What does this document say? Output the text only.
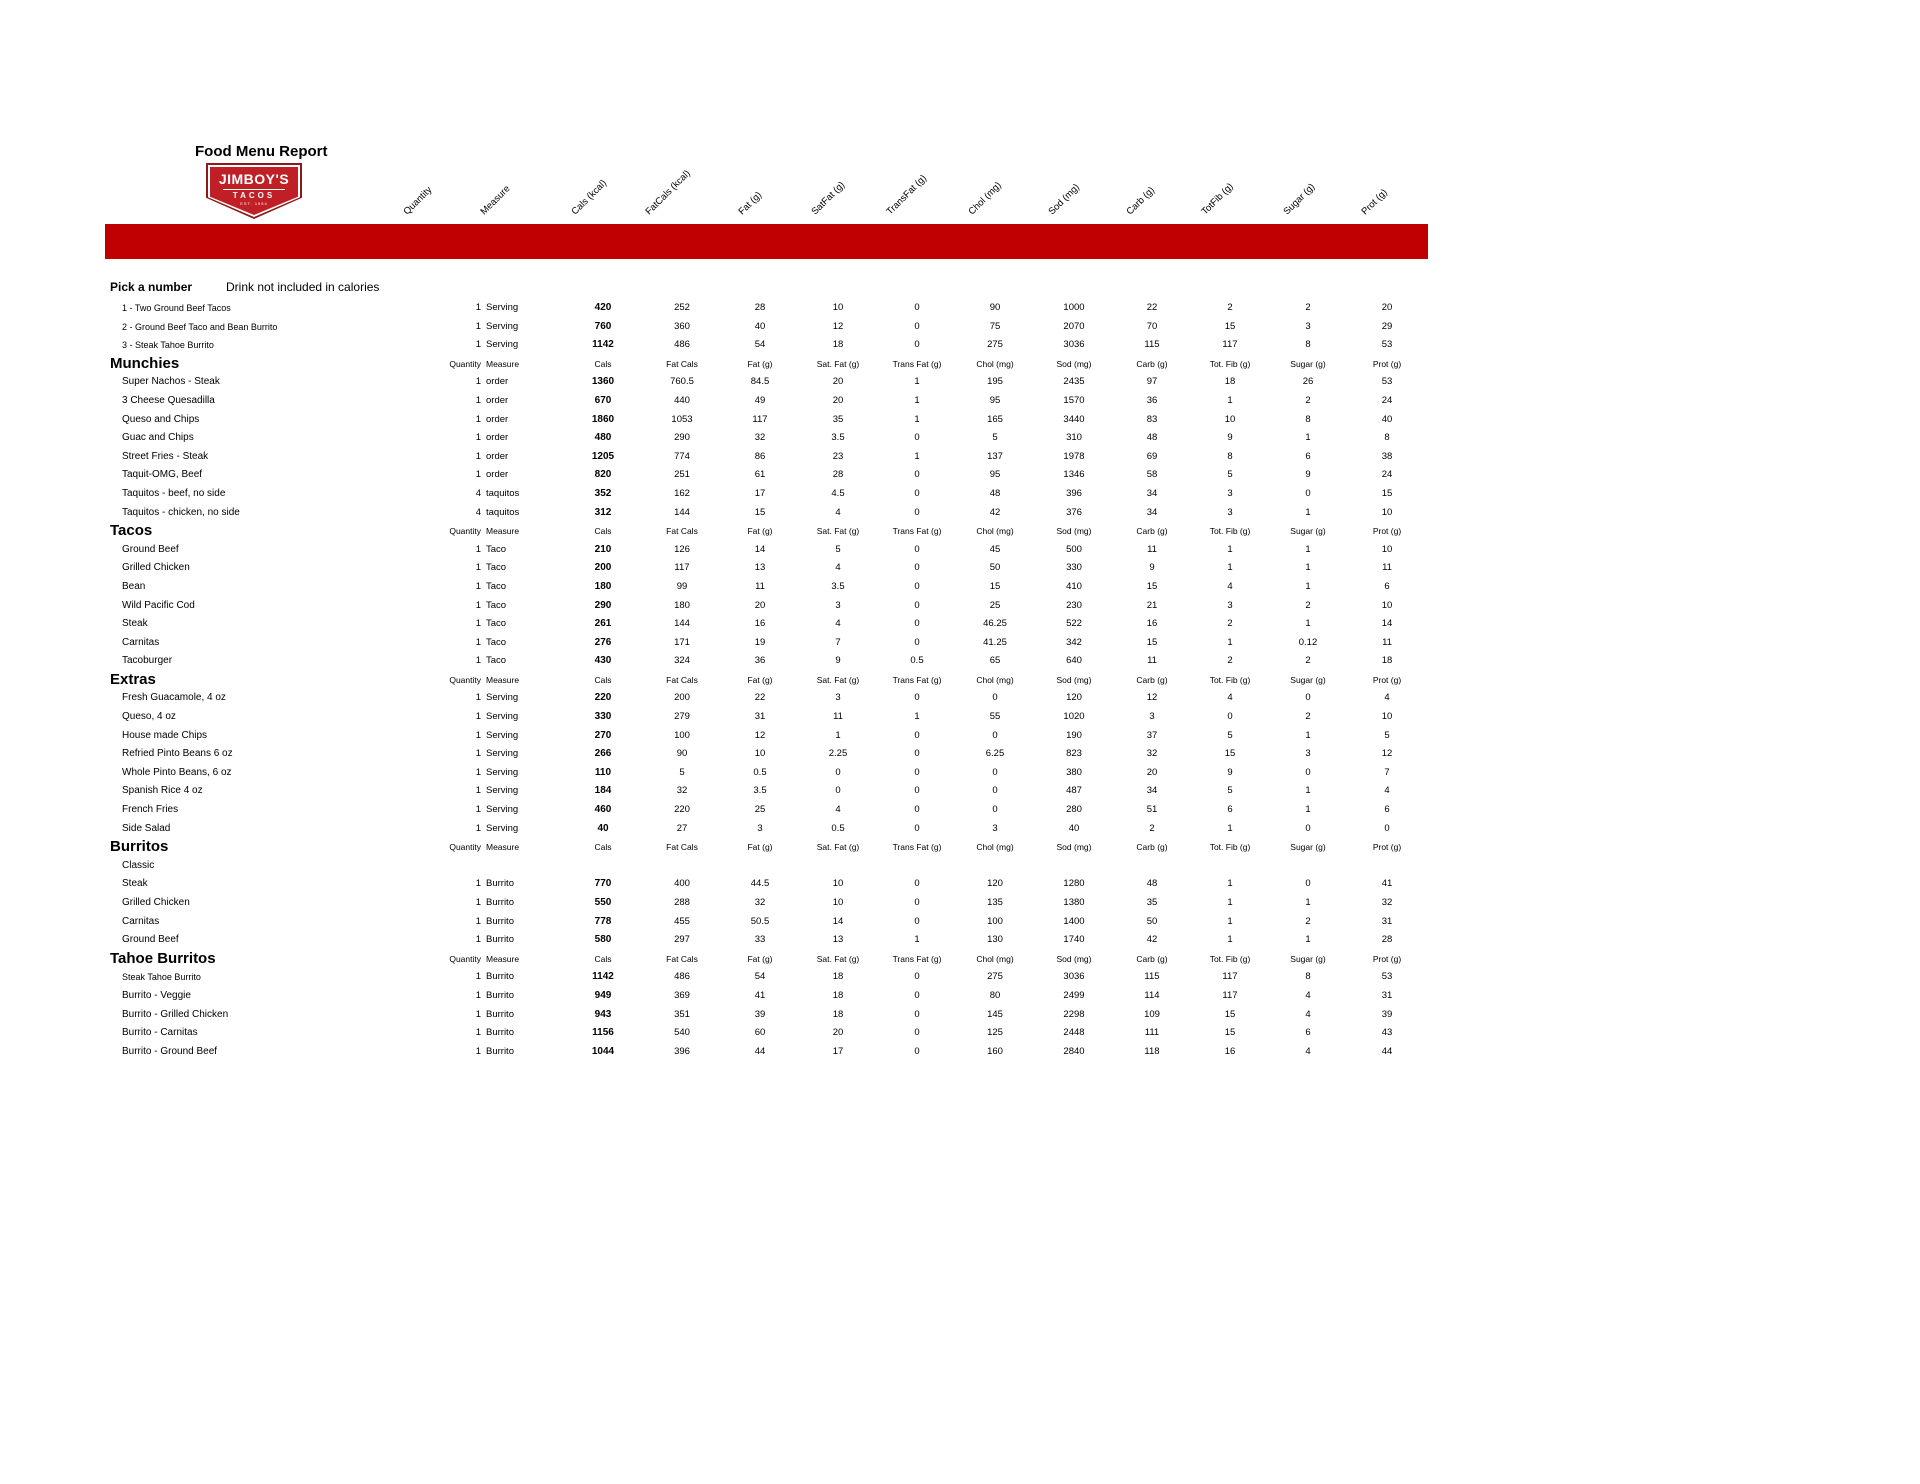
Food Menu Report
JIMBOY'S
TACOS
EST. 1954	Quantity	Measure	Cals (kcal)	FatCals (kcal)	Fat (g)	SatFat (g)	TransFat (g)	Chol (mg)	Sod (mg)	Carb (g)	TotFib (g)	Sugar (g)	Prot (g)
Pick a number	Drink not included in calories
1 - Two Ground Beef Tacos	1 Serving	420	252	28	10	0	90	1000	22	2	2	20
2 - Ground Beef Taco and Bean Burrito	1 Serving	760	360	40	12	0	75	2070	70	15	3	29
3 - Steak Tahoe Burrito	1 Serving	1142	486	54	18	0	275	3036	115	117	8	53
Munchies	Quantity Measure	Cals	Fat Cals	Fat (g)	Sat. Fat (g)	Trans Fat (g)	Chol (mg)	Sod (mg)	Carb (g)	Tot. Fib (g)	Sugar (g)	Prot (g)
Super Nachos - Steak	1 order	1360	760.5	84.5	20	1	195	2435	97	18	26	53
3 Cheese Quesadilla	1 order	670	440	49	20	1	95	1570	36	1	2	24
Queso and Chips	1 order	1860	1053	117	35	1	165	3440	83	10	8	40
Guac and Chips	1 order	480	290	32	3.5	0	5	310	48	9	1	8
Street Fries - Steak	1 order	1205	774	86	23	1	137	1978	69	8	6	38
Taquit-OMG, Beef	1 order	820	251	61	28	0	95	1346	58	5	9	24
Taquitos - beef, no side	4 taquitos	352	162	17	4.5	0	48	396	34	3	0	15
Taquitos - chicken, no side	4 taquitos	312	144	15	4	0	42	376	34	3	1	10
Tacos	Quantity Measure	Cals	Fat Cals	Fat (g)	Sat. Fat (g)	Trans Fat (g)	Chol (mg)	Sod (mg)	Carb (g)	Tot. Fib (g)	Sugar (g)	Prot (g)
Ground Beef	1 Taco	210	126	14	5	0	45	500	11	1	1	10
Grilled Chicken	1 Taco	200	117	13	4	0	50	330	9	1	1	11
Bean	1 Taco	180	99	11	3.5	0	15	410	15	4	1	6
Wild Pacific Cod	1 Taco	290	180	20	3	0	25	230	21	3	2	10
Steak	1 Taco	261	144	16	4	0	46.25	522	16	2	1	14
Carnitas	1 Taco	276	171	19	7	0	41.25	342	15	1	0.12	11
Tacoburger	1 Taco	430	324	36	9	0.5	65	640	11	2	2	18
Extras	Quantity Measure	Cals	Fat Cals	Fat (g)	Sat. Fat (g)	Trans Fat (g)	Chol (mg)	Sod (mg)	Carb (g)	Tot. Fib (g)	Sugar (g)	Prot (g)
Fresh Guacamole, 4 oz	1 Serving	220	200	22	3	0	0	120	12	4	0	4
Queso, 4 oz	1 Serving	330	279	31	11	1	55	1020	3	0	2	10
House made Chips	1 Serving	270	100	12	1	0	0	190	37	5	1	5
Refried Pinto Beans 6 oz	1 Serving	266	90	10	2.25	0	6.25	823	32	15	3	12
Whole Pinto Beans, 6 oz	1 Serving	110	5	0.5	0	0	0	380	20	9	0	7
Spanish Rice 4 oz	1 Serving	184	32	3.5	0	0	0	487	34	5	1	4
French Fries	1 Serving	460	220	25	4	0	0	280	51	6	1	6
Side Salad	1 Serving	40	27	3	0.5	0	3	40	2	1	0	0
Burritos	Quantity Measure	Cals	Fat Cals	Fat (g)	Sat. Fat (g)	Trans Fat (g)	Chol (mg)	Sod (mg)	Carb (g)	Tot. Fib (g)	Sugar (g)	Prot (g)
Classic
Steak	1 Burrito	770	400	44.5	10	0	120	1280	48	1	0	41
Grilled Chicken	1 Burrito	550	288	32	10	0	135	1380	35	1	1	32
Carnitas	1 Burrito	778	455	50.5	14	0	100	1400	50	1	2	31
Ground Beef	1 Burrito	580	297	33	13	1	130	1740	42	1	1	28
Tahoe Burritos	Quantity Measure	Cals	Fat Cals	Fat (g)	Sat. Fat (g)	Trans Fat (g)	Chol (mg)	Sod (mg)	Carb (g)	Tot. Fib (g)	Sugar (g)	Prot (g)
Steak Tahoe Burrito	1 Burrito	1142	486	54	18	0	275	3036	115	117	8	53
Burrito - Veggie	1 Burrito	949	369	41	18	0	80	2499	114	117	4	31
Burrito - Grilled Chicken	1 Burrito	943	351	39	18	0	145	2298	109	15	4	39
Burrito - Carnitas	1 Burrito	1156	540	60	20	0	125	2448	111	15	6	43
Burrito - Ground Beef	1 Burrito	1044	396	44	17	0	160	2840	118	16	4	44
